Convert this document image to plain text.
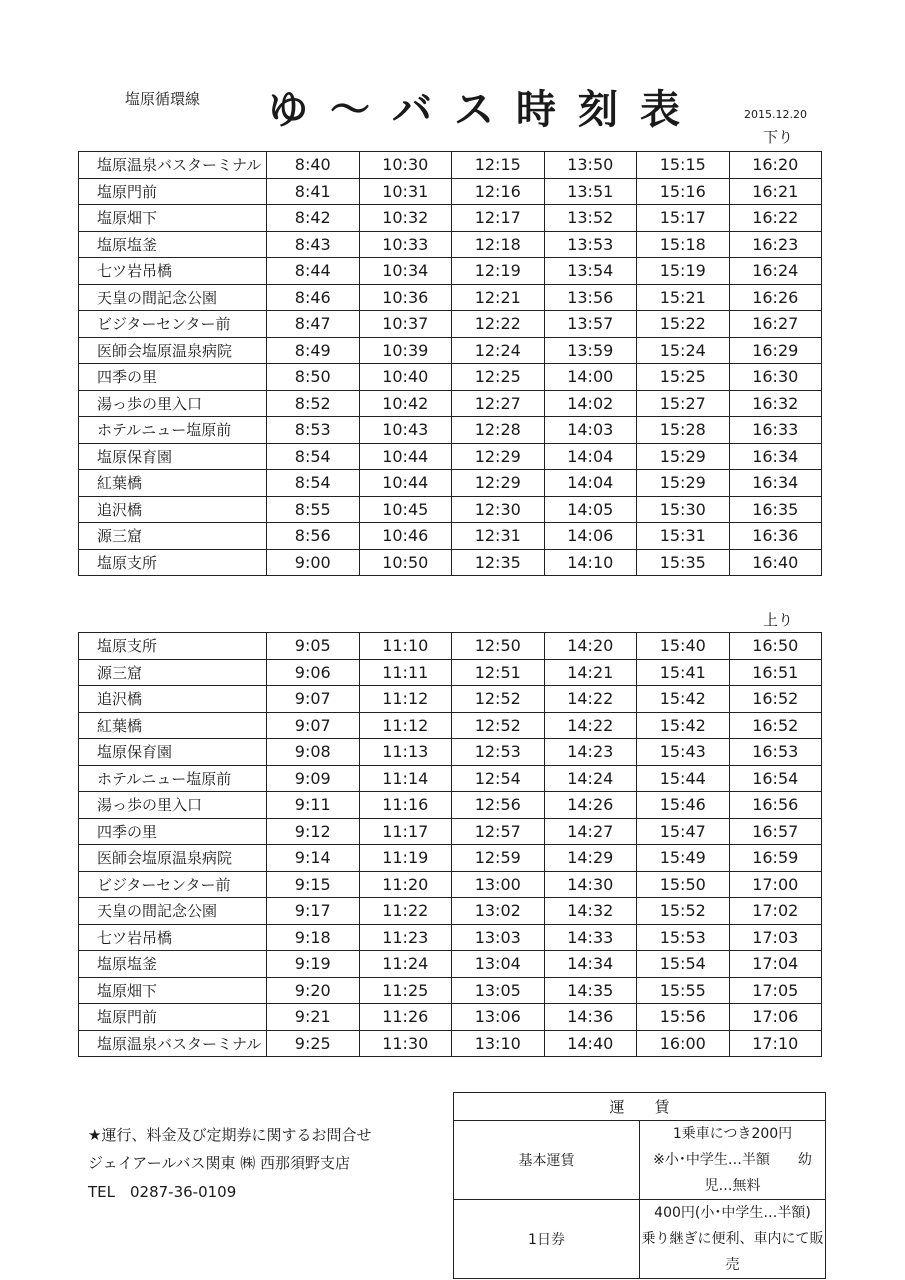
塩原循環線 ゆ～バス時刻表	2015.12.20
下り
塩原温泉バスターミナル	8:40	10:30	12:15	13:50	15:15	16:20
塩原門前	8:41	10:31	12:16	13:51	15:16	16:21
塩原畑下	8:42	10:32	12:17	13:52	15:17	16:22
塩原塩釜	8:43	10:33	12:18	13:53	15:18	16:23
七ツ岩吊橋	8:44	10:34	12:19	13:54	15:19	16:24
天皇の間記念公園	8:46	10:36	12:21	13:56	15:21	16:26
ビジターセンター前	8:47	10:37	12:22	13:57	15:22	16:27
医師会塩原温泉病院	8:49	10:39	12:24	13:59	15:24	16:29
四季の里	8:50	10:40	12:25	14:00	15:25	16:30
湯っ歩の里入口	8:52	10:42	12:27	14:02	15:27	16:32
ホテルニュー塩原前	8:53	10:43	12:28	14:03	15:28	16:33
塩原保育園	8:54	10:44	12:29	14:04	15:29	16:34
紅葉橋	8:54	10:44	12:29	14:04	15:29	16:34
追沢橋	8:55	10:45	12:30	14:05	15:30	16:35
源三窟	8:56	10:46	12:31	14:06	15:31	16:36
塩原支所	9:00	10:50	12:35	14:10	15:35	16:40
上り
塩原支所	9:05	11:10	12:50	14:20	15:40	16:50
源三窟	9:06	11:11	12:51	14:21	15:41	16:51
追沢橋	9:07	11:12	12:52	14:22	15:42	16:52
紅葉橋	9:07	11:12	12:52	14:22	15:42	16:52
塩原保育園	9:08	11:13	12:53	14:23	15:43	16:53
ホテルニュー塩原前	9:09	11:14	12:54	14:24	15:44	16:54
湯っ歩の里入口	9:11	11:16	12:56	14:26	15:46	16:56
四季の里	9:12	11:17	12:57	14:27	15:47	16:57
医師会塩原温泉病院	9:14	11:19	12:59	14:29	15:49	16:59
ビジターセンター前	9:15	11:20	13:00	14:30	15:50	17:00
天皇の間記念公園	9:17	11:22	13:02	14:32	15:52	17:02
七ツ岩吊橋	9:18	11:23	13:03	14:33	15:53	17:03
塩原塩釜	9:19	11:24	13:04	14:34	15:54	17:04
塩原畑下	9:20	11:25	13:05	14:35	15:55	17:05
塩原門前	9:21	11:26	13:06	14:36	15:56	17:06
塩原温泉バスターミナル	9:25	11:30	13:10	14:40	16:00	17:10
★運行、料金及び定期券に関するお問合せ
ジェイアールバス関東 ㈱ 西那須野支店
TEL　0287-36-0109
運　　賃	
基本運賃	1乗車につき200円
※小･中学生…半額　　幼児…無料

1日券	400円(小･中学生…半額)
乗り継ぎに便利、車内にて販売
